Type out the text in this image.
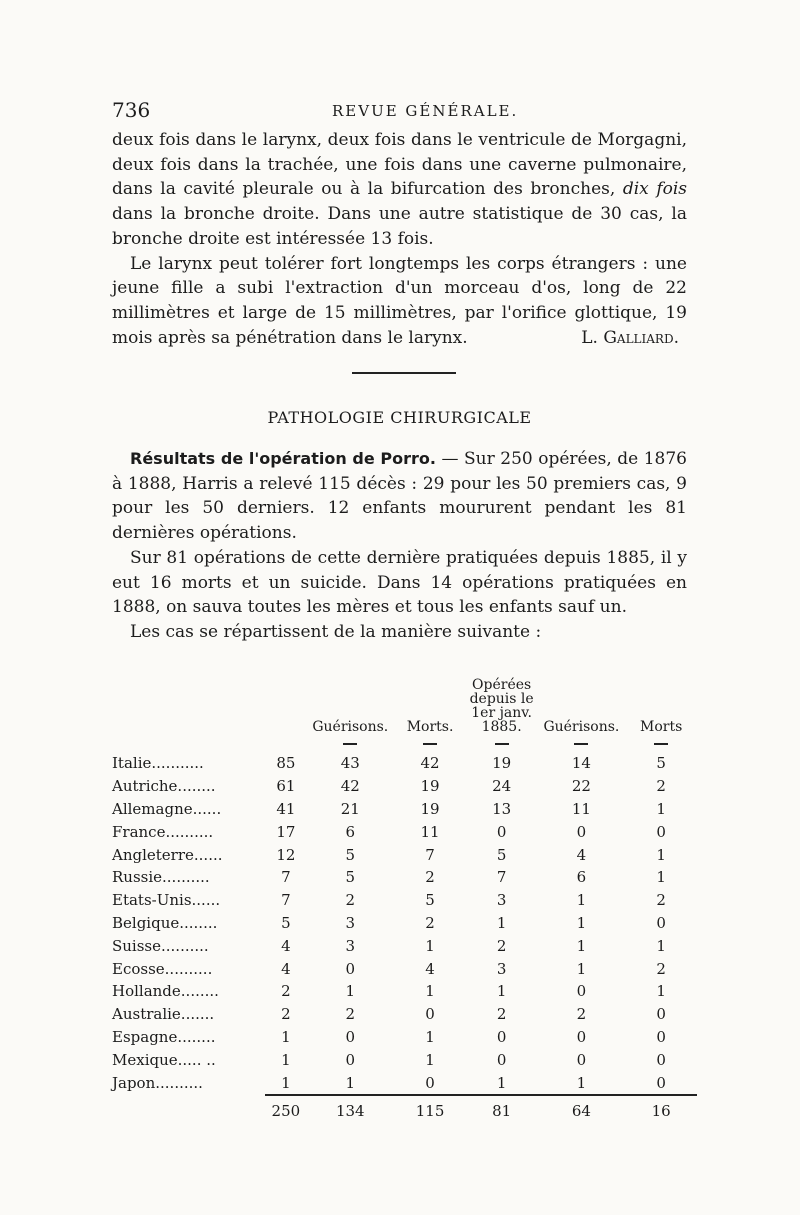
736	REVUE GÉNÉRALE.

deux fois dans le larynx, deux fois dans le ventricule de Morgagni, deux fois dans la trachée, une fois dans une caverne pulmonaire, dans la cavité pleurale ou à la bifurcation des bronches, dix fois dans la bronche droite. Dans une autre statistique de 30 cas, la bronche droite est intéressée 13 fois.

Le larynx peut tolérer fort longtemps les corps étrangers : une jeune fille a subi l'extraction d'un morceau d'os, long de 22 millimètres et large de 15 millimètres, par l'orifice glottique, 19 mois après sa pénétration dans le larynx.	L. Galliard.

PATHOLOGIE CHIRURGICALE

Résultats de l'opération de Porro. — Sur 250 opérées, de 1876 à 1888, Harris a relevé 115 décès : 29 pour les 50 premiers cas, 9 pour les 50 derniers. 12 enfants moururent pendant les 81 dernières opérations.

Sur 81 opérations de cette dernière pratiquées depuis 1885, il y eut 16 morts et un suicide. Dans 14 opérations pratiquées en 1888, on sauva toutes les mères et tous les enfants sauf un.

Les cas se répartissent de la manière suivante :

		Guérisons.	Morts.	Opérées
depuis le
1er janv.
1885.	Guérisons.	Morts

Italie...........	85	43	42	19	14	5
Autriche........	61	42	19	24	22	2
Allemagne......	41	21	19	13	11	1
France..........	17	6	11	0	0	0
Angleterre......	12	5	7	5	4	1
Russie..........	7	5	2	7	6	1
Etats-Unis......	7	2	5	3	1	2
Belgique........	5	3	2	1	1	0
Suisse..........	4	3	1	2	1	1
Ecosse..........	4	0	4	3	1	2
Hollande........	2	1	1	1	0	1
Australie.......	2	2	0	2	2	0
Espagne........	1	0	1	0	0	0
Mexique..... ..	1	0	1	0	0	0
Japon..........	1	1	0	1	1	0
	250	134	115	81	64	16
